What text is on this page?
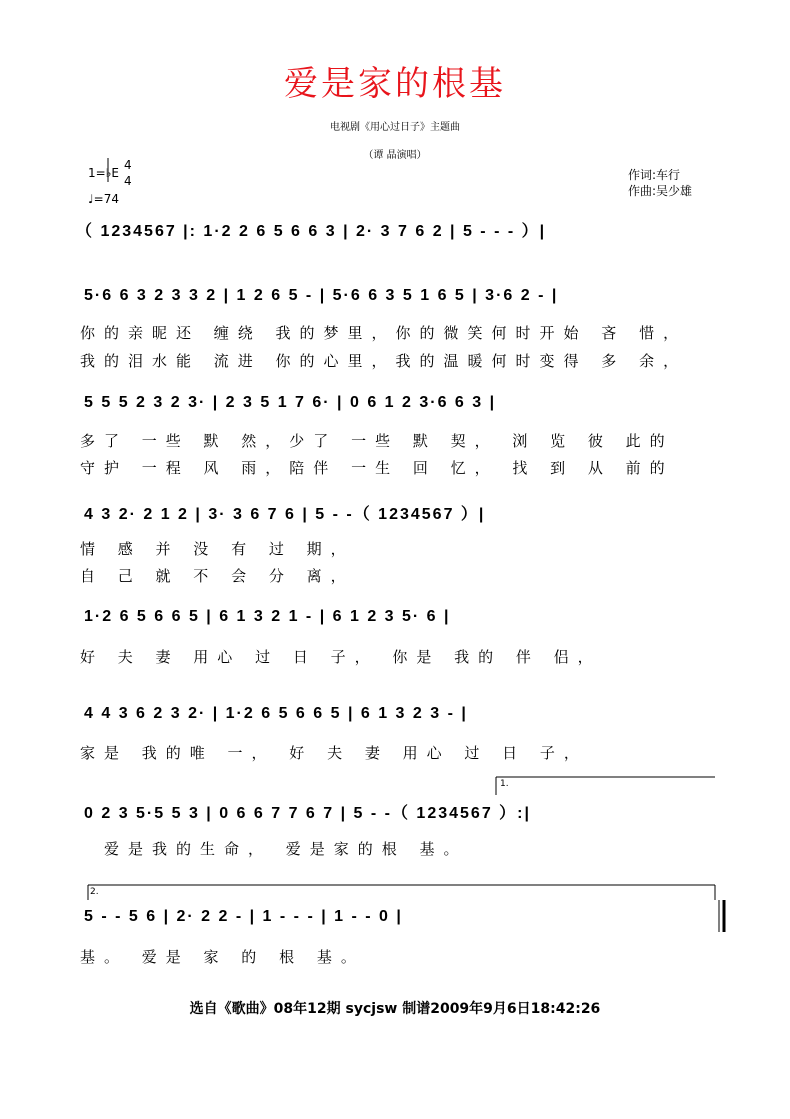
爱是家的根基
电视剧《用心过日子》主题曲
（谭 晶演唱）
1=♭E
4
4
♩=74
作词:车行
作曲:吴少雄
（ 1234567 |: 1·2 2 6 5 6 6 3 | 2· 3 7 6 2 | 5 - - - ）|
5·6 6 3 2 3 3 2 | 1 2 6 5 - | 5·6 6 3 5 1 6 5 | 3·6 2 - |
你的亲昵还 缠绕 我的梦里，你的微笑何时开始 吝 惜，
我的泪水能 流进 你的心里，我的温暖何时变得 多 余，
5 5 5 2 3 2 3· | 2 3 5 1 7 6· | 0 6 1 2 3·6 6 3 |
多了 一些 默 然，少了 一些 默 契， 浏 览 彼 此的
守护 一程 风 雨，陪伴 一生 回 忆， 找 到 从 前的
4 3 2· 2 1 2 | 3· 3 6 7 6 | 5 - -（ 1234567 ）|
情 感 并 没 有 过 期，
自 己 就 不 会 分 离，
1·2 6 5 6 6 5 | 6 1 3 2 1 - | 6 1 2 3 5· 6 |
好 夫 妻 用心 过 日 子， 你是 我的 伴 侣，
4 4 3 6 2 3 2· | 1·2 6 5 6 6 5 | 6 1 3 2 3 - |
家是 我的唯 一， 好 夫 妻 用心 过 日 子，
0 2 3 5·5 5 3 | 0 6 6 7 7 6 7 | 5 - -（ 1234567 ）:|
爱是我的生命， 爱是家的根 基。
1.
5 - - 5 6 | 2· 2 2 - | 1 - - - | 1 - - 0 |
基。 爱是 家 的 根 基。
2.
选自《歌曲》08年12期 sycjsw 制谱2009年9月6日18:42:26
